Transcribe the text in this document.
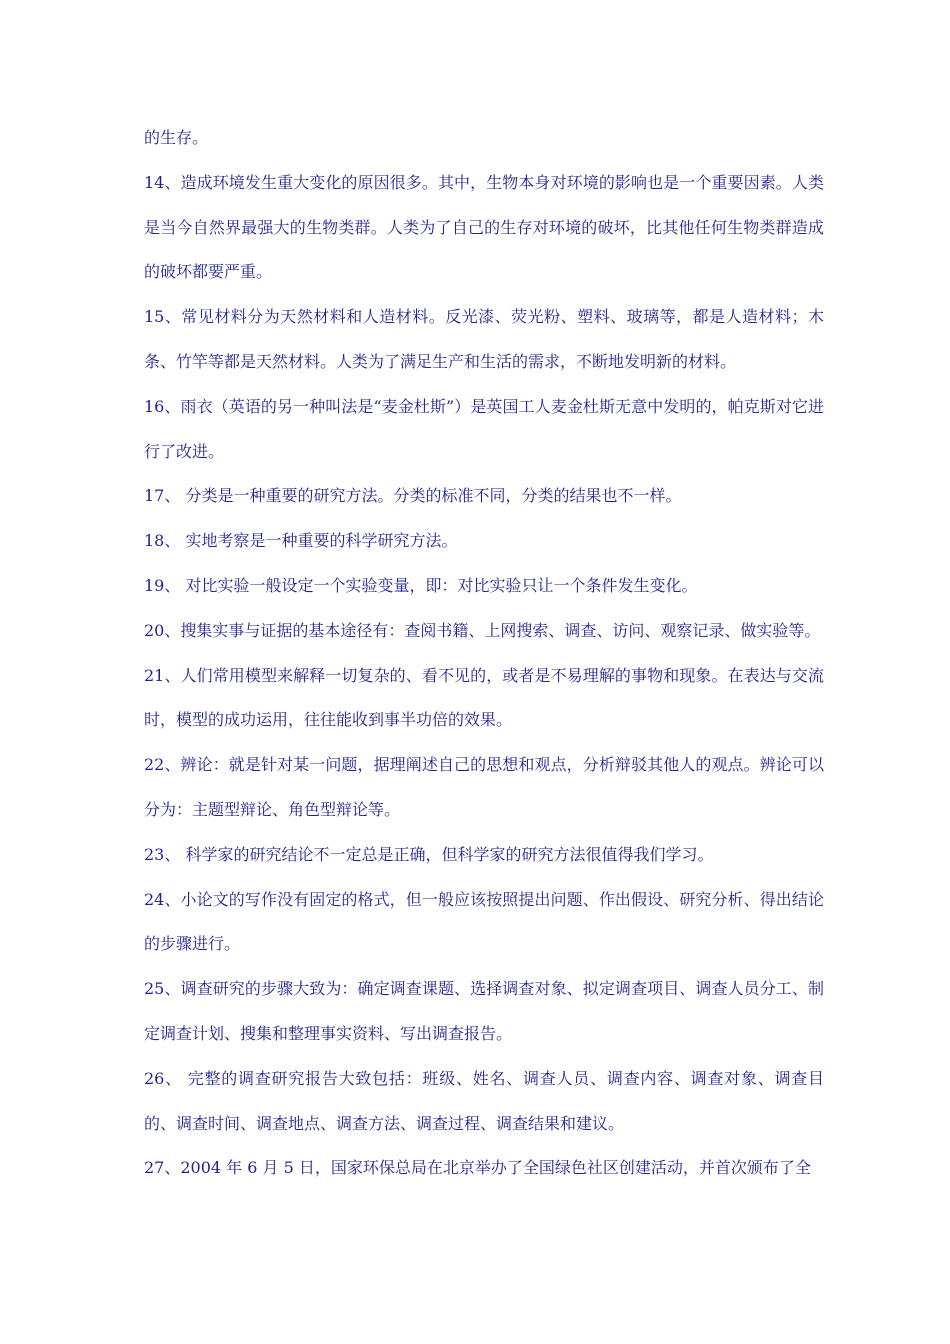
的生存。

14、造成环境发生重大变化的原因很多。其中，生物本身对环境的影响也是一个重要因素。人类是当今自然界最强大的生物类群。人类为了自己的生存对环境的破坏，比其他任何生物类群造成的破坏都要严重。

15、常见材料分为天然材料和人造材料。反光漆、荧光粉、塑料、玻璃等，都是人造材料；木条、竹竿等都是天然材料。人类为了满足生产和生活的需求，不断地发明新的材料。

16、雨衣（英语的另一种叫法是“麦金杜斯”）是英国工人麦金杜斯无意中发明的，帕克斯对它进行了改进。

17、 分类是一种重要的研究方法。分类的标准不同，分类的结果也不一样。

18、 实地考察是一种重要的科学研究方法。

19、 对比实验一般设定一个实验变量，即：对比实验只让一个条件发生变化。

20、搜集实事与证据的基本途径有：查阅书籍、上网搜索、调查、访问、观察记录、做实验等。

21、人们常用模型来解释一切复杂的、看不见的，或者是不易理解的事物和现象。在表达与交流时，模型的成功运用，往往能收到事半功倍的效果。

22、辨论：就是针对某一问题，据理阐述自己的思想和观点，分析辩驳其他人的观点。辨论可以分为：主题型辩论、角色型辩论等。

23、 科学家的研究结论不一定总是正确，但科学家的研究方法很值得我们学习。

24、小论文的写作没有固定的格式，但一般应该按照提出问题、作出假设、研究分析、得出结论的步骤进行。

25、调查研究的步骤大致为：确定调查课题、选择调查对象、拟定调查项目、调查人员分工、制定调查计划、搜集和整理事实资料、写出调查报告。

26、 完整的调查研究报告大致包括：班级、姓名、调查人员、调查内容、调查对象、调查目的、调查时间、调查地点、调查方法、调查过程、调查结果和建议。

27、2004 年 6 月 5 日，国家环保总局在北京举办了全国绿色社区创建活动，并首次颁布了全
